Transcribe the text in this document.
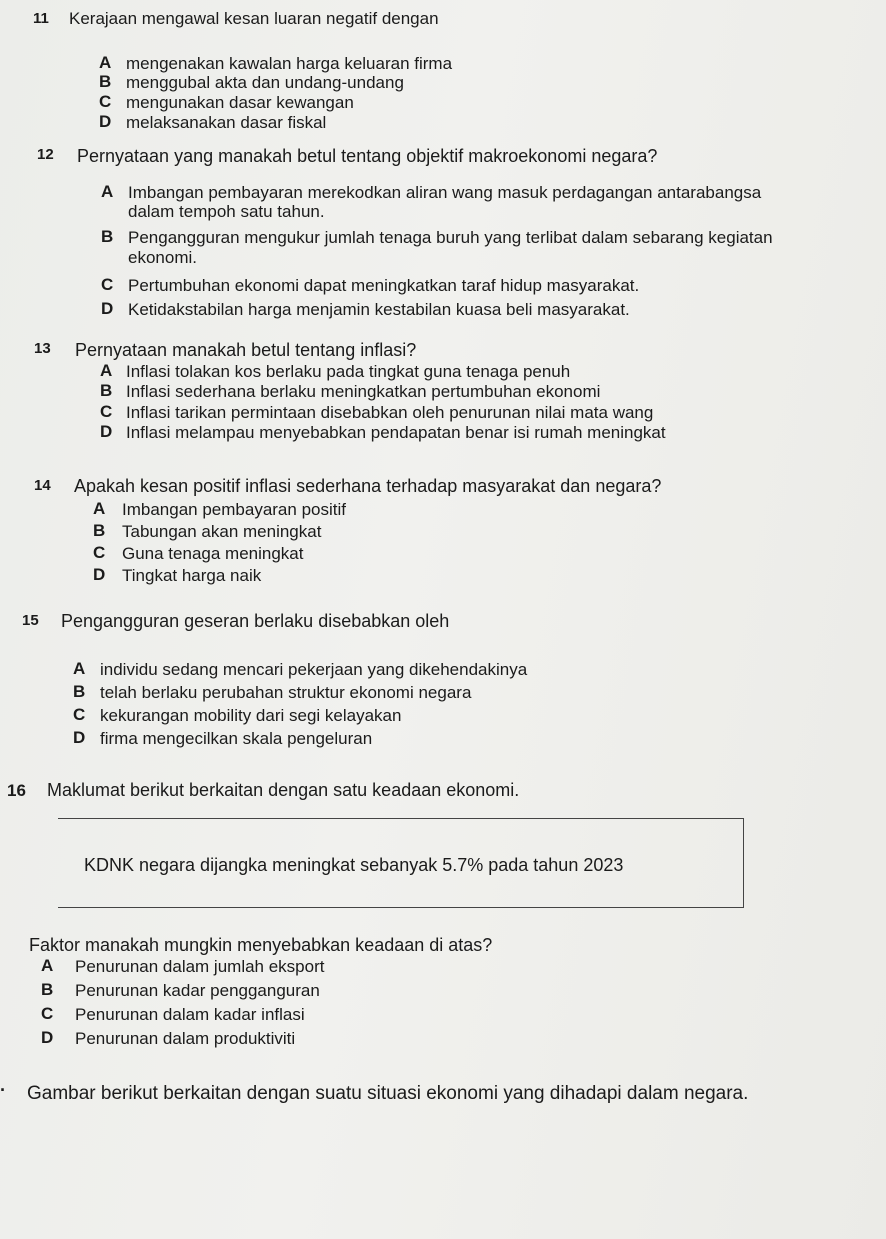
11 Kerajaan mengawal kesan luaran negatif dengan
A mengenakan kawalan harga keluaran firma
B menggubal akta dan undang-undang
C mengunakan dasar kewangan
D melaksanakan dasar fiskal
12 Pernyataan yang manakah betul tentang objektif makroekonomi negara?
A Imbangan pembayaran merekodkan aliran wang masuk perdagangan antarabangsa
dalam tempoh satu tahun.
B Pengangguran mengukur jumlah tenaga buruh yang terlibat dalam sebarang kegiatan
ekonomi.
C Pertumbuhan ekonomi dapat meningkatkan taraf hidup masyarakat.
D Ketidakstabilan harga menjamin kestabilan kuasa beli masyarakat.
13 Pernyataan manakah betul tentang inflasi?
A Inflasi tolakan kos berlaku pada tingkat guna tenaga penuh
B Inflasi sederhana berlaku meningkatkan pertumbuhan ekonomi
C Inflasi tarikan permintaan disebabkan oleh penurunan nilai mata wang
D Inflasi melampau menyebabkan pendapatan benar isi rumah meningkat
14 Apakah kesan positif inflasi sederhana terhadap masyarakat dan negara?
A Imbangan pembayaran positif
B Tabungan akan meningkat
C Guna tenaga meningkat
D Tingkat harga naik
15 Pengangguran geseran berlaku disebabkan oleh
A individu sedang mencari pekerjaan yang dikehendakinya
B telah berlaku perubahan struktur ekonomi negara
C kekurangan mobility dari segi kelayakan
D firma mengecilkan skala pengeluran
16 Maklumat berikut berkaitan dengan satu keadaan ekonomi.
KDNK negara dijangka meningkat sebanyak 5.7% pada tahun 2023
Faktor manakah mungkin menyebabkan keadaan di atas?
A Penurunan dalam jumlah eksport
B Penurunan kadar pengganguran
C Penurunan dalam kadar inflasi
D Penurunan dalam produktiviti
· Gambar berikut berkaitan dengan suatu situasi ekonomi yang dihadapi dalam negara.
